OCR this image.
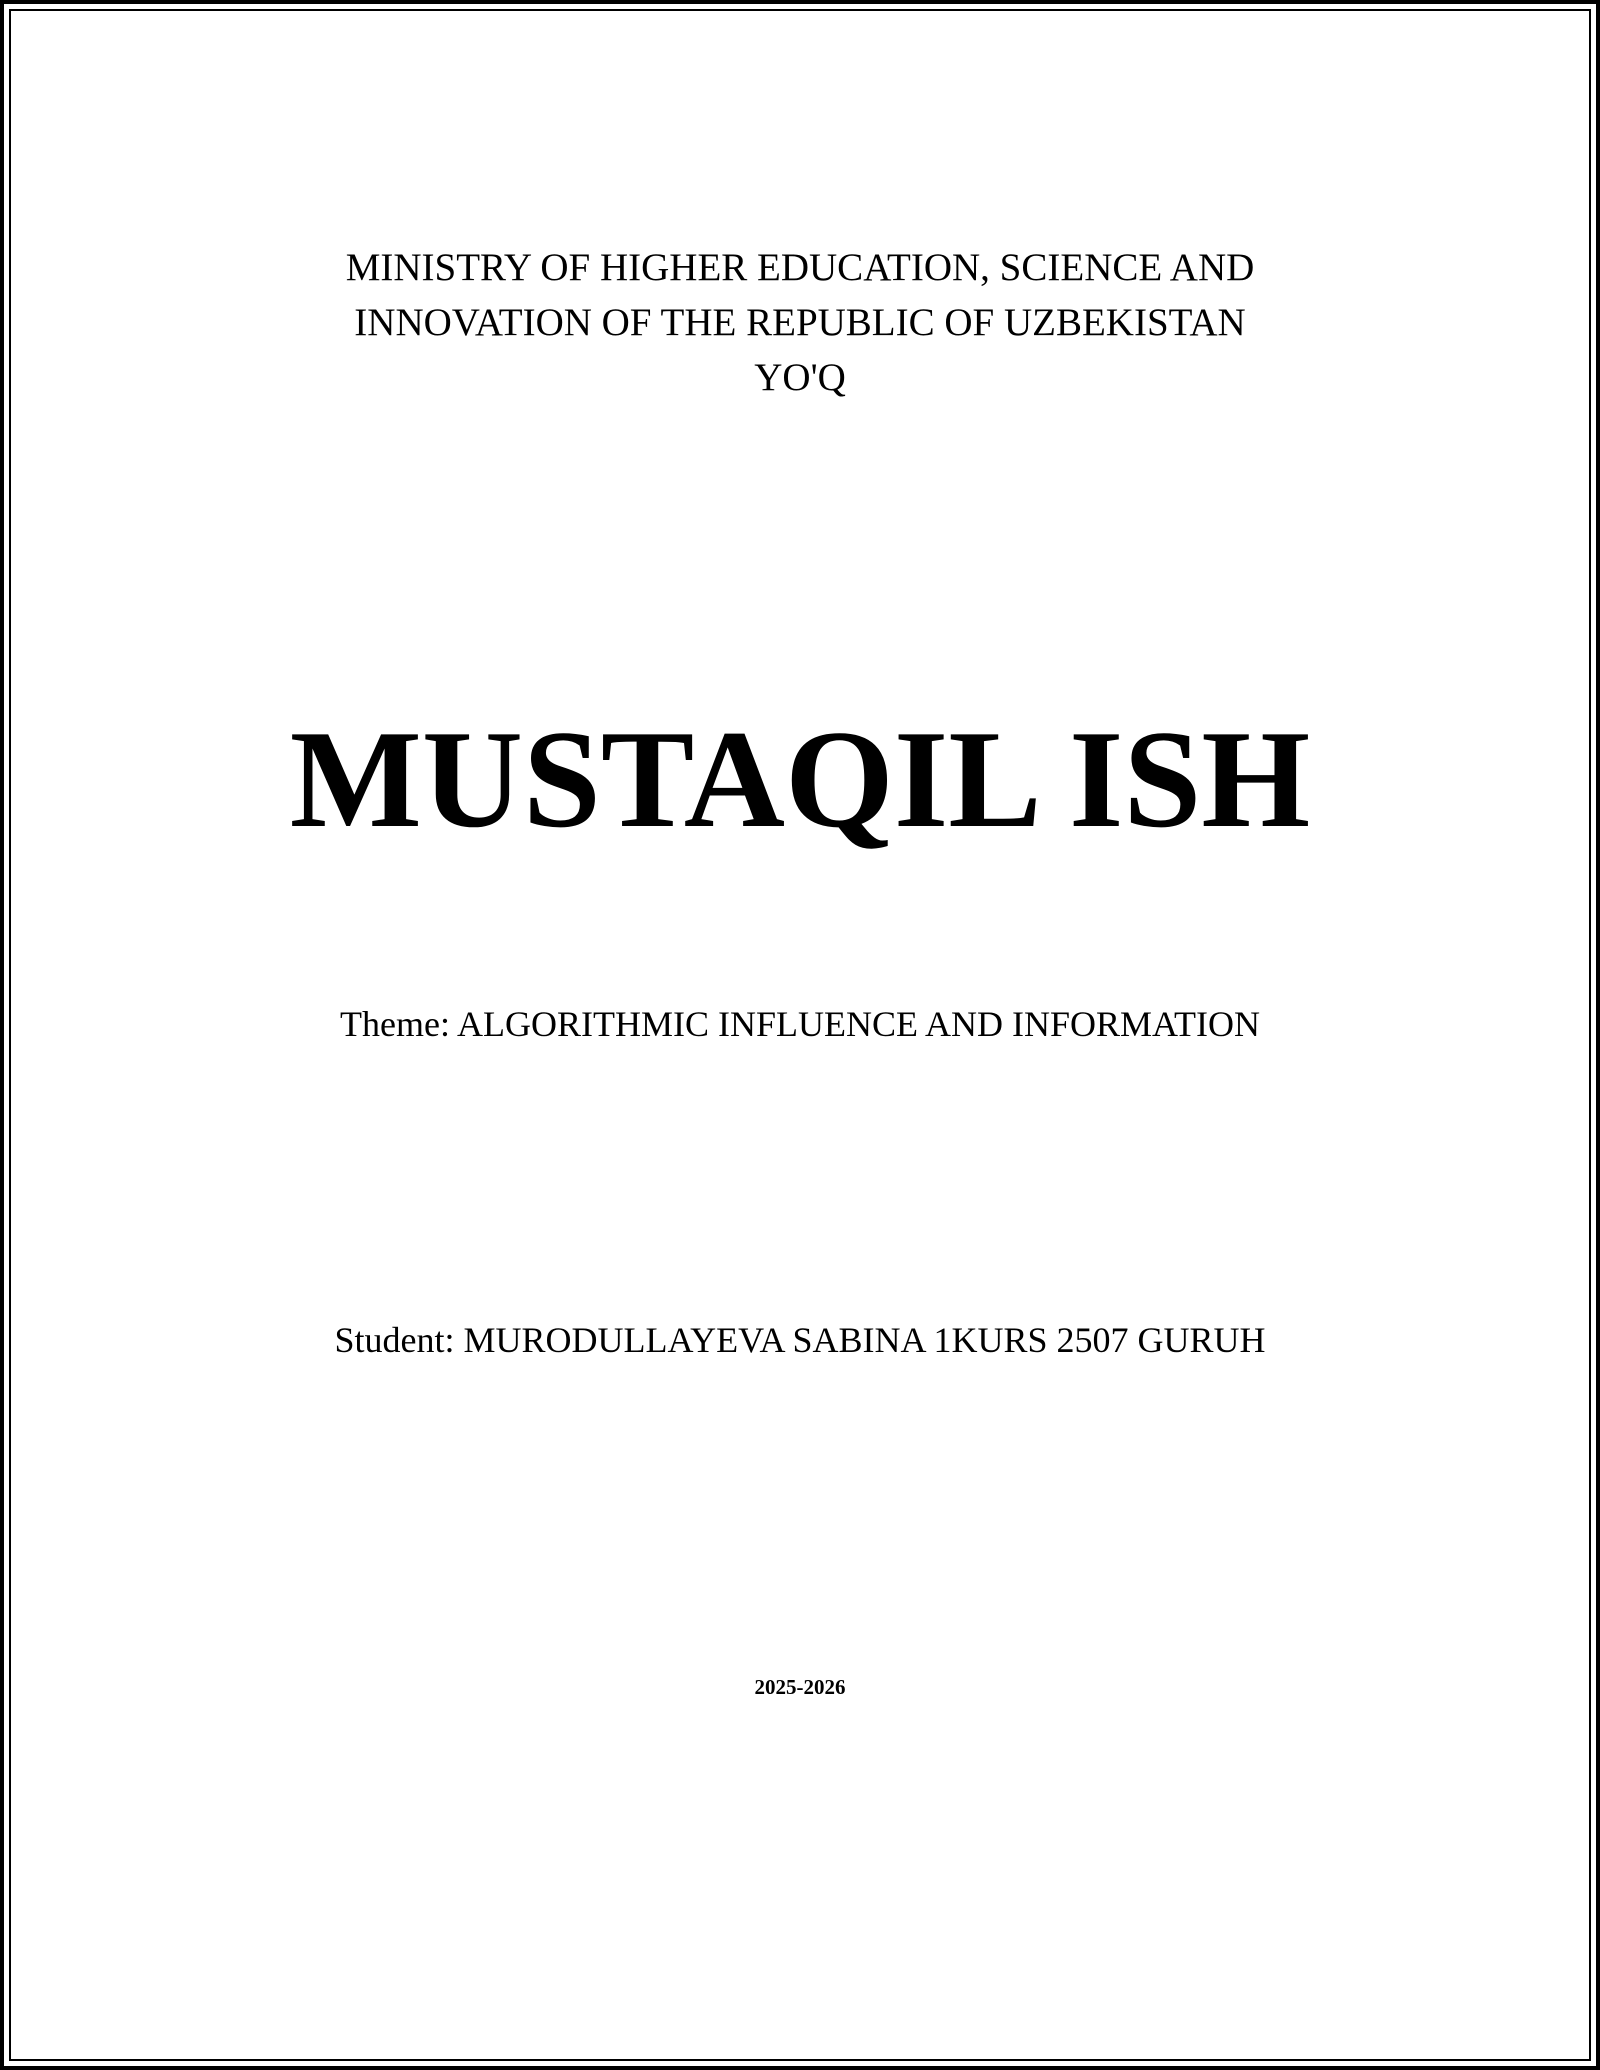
MINISTRY OF HIGHER EDUCATION, SCIENCE AND
INNOVATION OF THE REPUBLIC OF UZBEKISTAN
YO'Q
MUSTAQIL ISH
Theme: ALGORITHMIC INFLUENCE AND INFORMATION
Student: MURODULLAYEVA SABINA 1KURS 2507 GURUH
2025-2026
